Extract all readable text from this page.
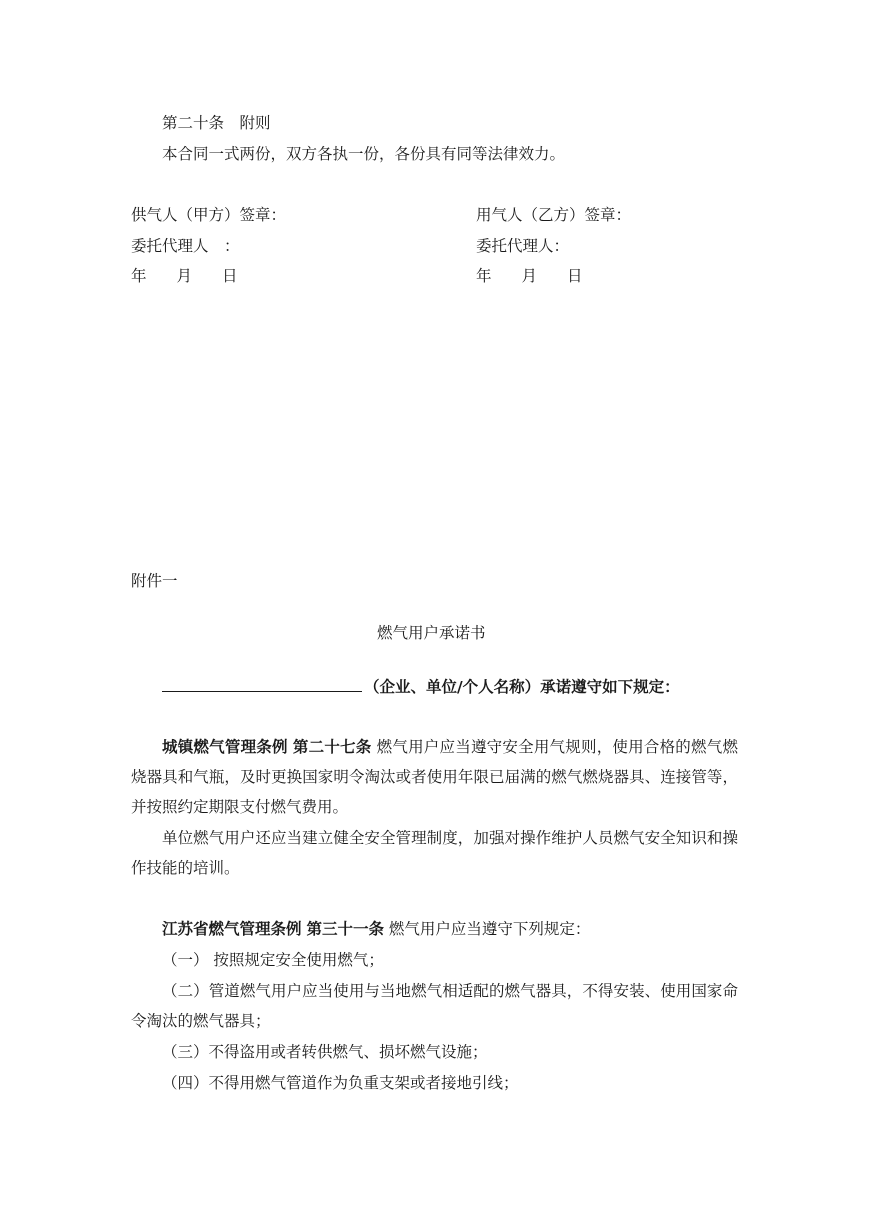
第二十条　附则
本合同一式两份，双方各执一份，各份具有同等法律效力。
供气人（甲方）签章：
委托代理人　：
年 月 日
用气人（乙方）签章：
委托代理人：
年 月 日
附件一
燃气用户承诺书
（企业、单位/个人名称）承诺遵守如下规定：
城镇燃气管理条例 第二十七条 燃气用户应当遵守安全用气规则，使用合格的燃气燃烧器具和气瓶，及时更换国家明令淘汰或者使用年限已届满的燃气燃烧器具、连接管等，并按照约定期限支付燃气费用。
单位燃气用户还应当建立健全安全管理制度，加强对操作维护人员燃气安全知识和操作技能的培训。
江苏省燃气管理条例 第三十一条 燃气用户应当遵守下列规定：
（一） 按照规定安全使用燃气；
（二）管道燃气用户应当使用与当地燃气相适配的燃气器具，不得安装、使用国家命令淘汰的燃气器具；
（三）不得盗用或者转供燃气、损坏燃气设施；
（四）不得用燃气管道作为负重支架或者接地引线；
